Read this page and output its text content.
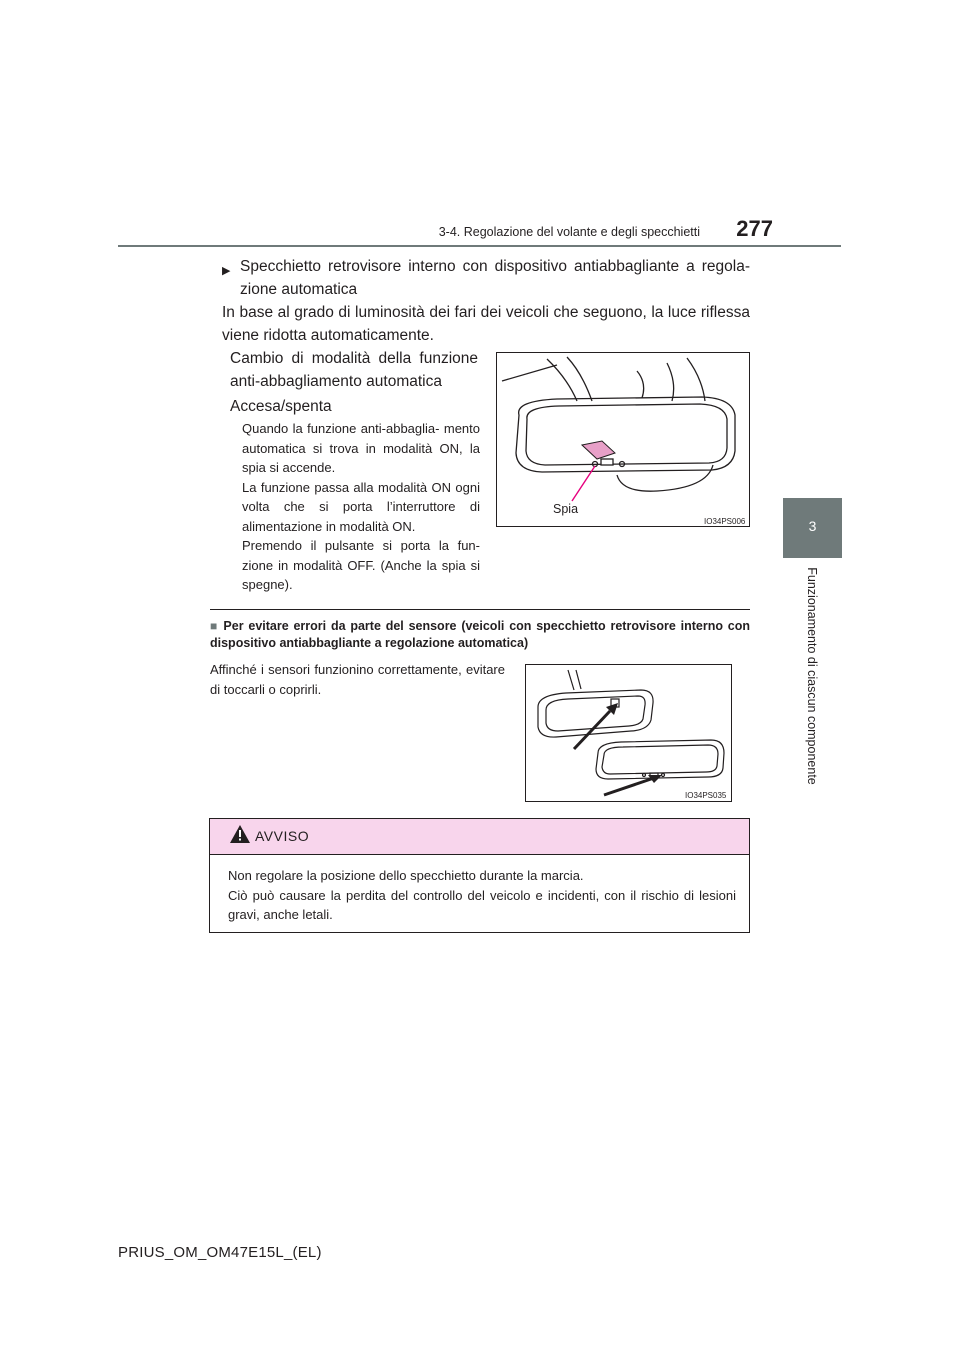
3-4. Regolazione del volante e degli specchietti	277
3
Funzionamento di ciascun componente
▶ Specchietto retrovisore interno con dispositivo antiabbagliante a regola- zione automatica
In base al grado di luminosità dei fari dei veicoli che seguono, la luce riflessa viene ridotta automaticamente.
Cambio di modalità della funzione anti-abbagliamento automatica
Accesa/spenta
Quando la funzione anti-abbaglia- mento automatica si trova in modalità ON, la spia si accende.
La funzione passa alla modalità ON ogni volta che si porta l’interruttore di alimentazione in modalità ON.
Premendo il pulsante si porta la fun- zione in modalità OFF. (Anche la spia si spegne).
Spia
IO34PS006
■ Per evitare errori da parte del sensore (veicoli con specchietto retrovisore interno con dispositivo antiabbagliante a regolazione automatica)
Affinché i sensori funzionino correttamente, evitare di toccarli o coprirli.
IO34PS035
AVVISO
Non regolare la posizione dello specchietto durante la marcia.
Ciò può causare la perdita del controllo del veicolo e incidenti, con il rischio di lesioni gravi, anche letali.
PRIUS_OM_OM47E15L_(EL)
